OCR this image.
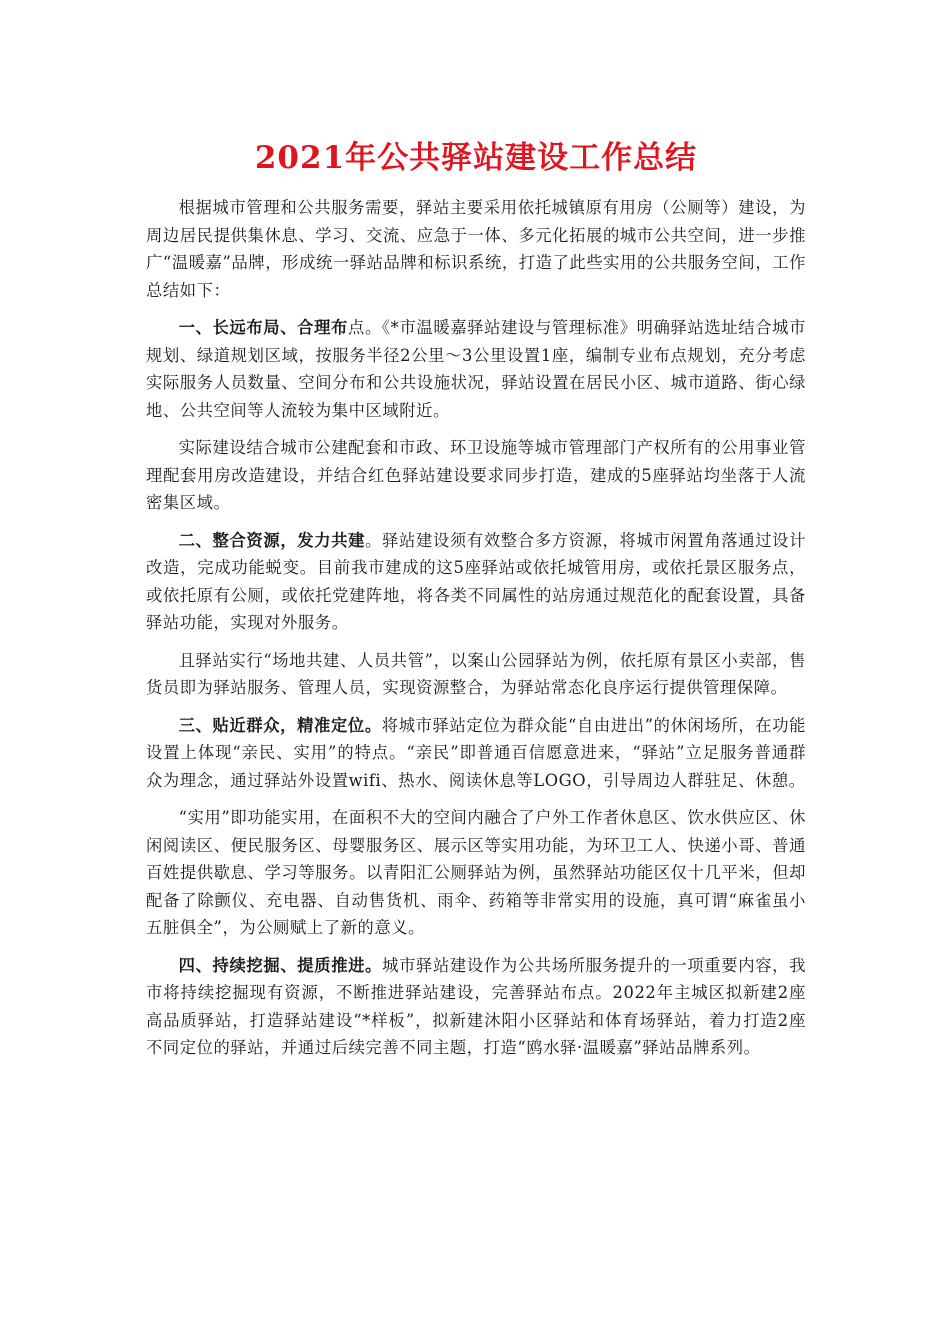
2021年公共驿站建设工作总结

根据城市管理和公共服务需要，驿站主要采用依托城镇原有用房（公厕等）建设，为周边居民提供集休息、学习、交流、应急于一体、多元化拓展的城市公共空间，进一步推广“温暖嘉”品牌，形成统一驿站品牌和标识系统，打造了此些实用的公共服务空间，工作总结如下：

一、长远布局、合理布点。《*市温暖嘉驿站建设与管理标准》明确驿站选址结合城市规划、绿道规划区域，按服务半径2公里～3公里设置1座，编制专业布点规划，充分考虑实际服务人员数量、空间分布和公共设施状况，驿站设置在居民小区、城市道路、街心绿地、公共空间等人流较为集中区域附近。

实际建设结合城市公建配套和市政、环卫设施等城市管理部门产权所有的公用事业管理配套用房改造建设，并结合红色驿站建设要求同步打造，建成的5座驿站均坐落于人流密集区域。

二、整合资源，发力共建。驿站建设须有效整合多方资源，将城市闲置角落通过设计改造，完成功能蜕变。目前我市建成的这5座驿站或依托城管用房，或依托景区服务点，或依托原有公厕，或依托党建阵地，将各类不同属性的站房通过规范化的配套设置，具备驿站功能，实现对外服务。

且驿站实行“场地共建、人员共管”，以案山公园驿站为例，依托原有景区小卖部，售货员即为驿站服务、管理人员，实现资源整合，为驿站常态化良序运行提供管理保障。

三、贴近群众，精准定位。将城市驿站定位为群众能“自由进出”的休闲场所，在功能设置上体现“亲民、实用”的特点。“亲民”即普通百信愿意进来，“驿站”立足服务普通群众为理念，通过驿站外设置wifi、热水、阅读休息等LOGO，引导周边人群驻足、休憩。

“实用”即功能实用，在面积不大的空间内融合了户外工作者休息区、饮水供应区、休闲阅读区、便民服务区、母婴服务区、展示区等实用功能，为环卫工人、快递小哥、普通百姓提供歇息、学习等服务。以青阳汇公厕驿站为例，虽然驿站功能区仅十几平米，但却配备了除颤仪、充电器、自动售货机、雨伞、药箱等非常实用的设施，真可谓“麻雀虽小五脏俱全”，为公厕赋上了新的意义。

四、持续挖掘、提质推进。城市驿站建设作为公共场所服务提升的一项重要内容，我市将持续挖掘现有资源，不断推进驿站建设，完善驿站布点。2022年主城区拟新建2座高品质驿站，打造驿站建设“*样板”，拟新建沐阳小区驿站和体育场驿站，着力打造2座不同定位的驿站，并通过后续完善不同主题，打造“鸥水驿·温暖嘉”驿站品牌系列。
